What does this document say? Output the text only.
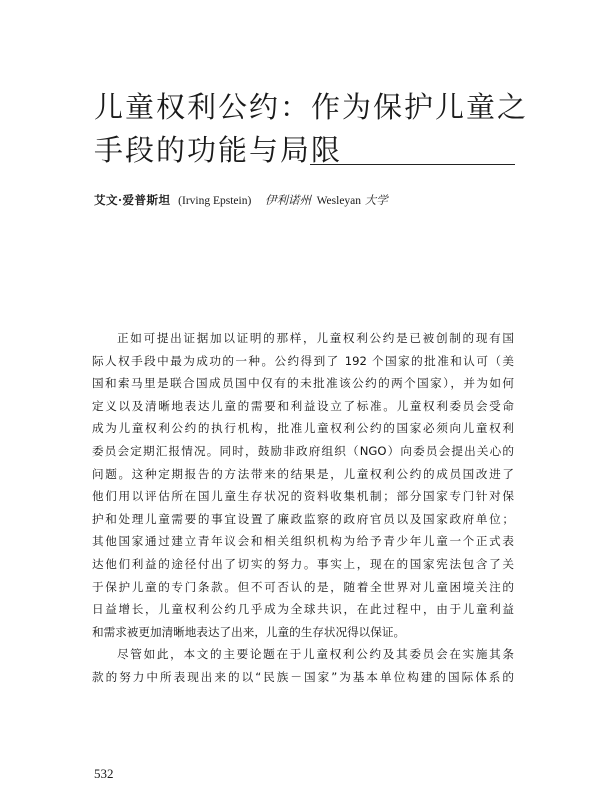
儿童权利公约：作为保护儿童之
手段的功能与局限
艾文·爱普斯坦 (Irving Epstein) 伊利诺州 Wesleyan 大学
正如可提出证据加以证明的那样，儿童权利公约是已被创制的现有国
际人权手段中最为成功的一种。公约得到了 192 个国家的批准和认可（美
国和索马里是联合国成员国中仅有的未批准该公约的两个国家），并为如何
定义以及清晰地表达儿童的需要和利益设立了标准。儿童权利委员会受命
成为儿童权利公约的执行机构，批准儿童权利公约的国家必须向儿童权利
委员会定期汇报情况。同时，鼓励非政府组织（NGO）向委员会提出关心的
问题。这种定期报告的方法带来的结果是，儿童权利公约的成员国改进了
他们用以评估所在国儿童生存状况的资料收集机制；部分国家专门针对保
护和处理儿童需要的事宜设置了廉政监察的政府官员以及国家政府单位；
其他国家通过建立青年议会和相关组织机构为给予青少年儿童一个正式表
达他们利益的途径付出了切实的努力。事实上，现在的国家宪法包含了关
于保护儿童的专门条款。但不可否认的是，随着全世界对儿童困境关注的
日益增长，儿童权利公约几乎成为全球共识，在此过程中，由于儿童利益
和需求被更加清晰地表达了出来，儿童的生存状况得以保证。
尽管如此，本文的主要论题在于儿童权利公约及其委员会在实施其条
款的努力中所表现出来的以“民族－国家”为基本单位构建的国际体系的
532
